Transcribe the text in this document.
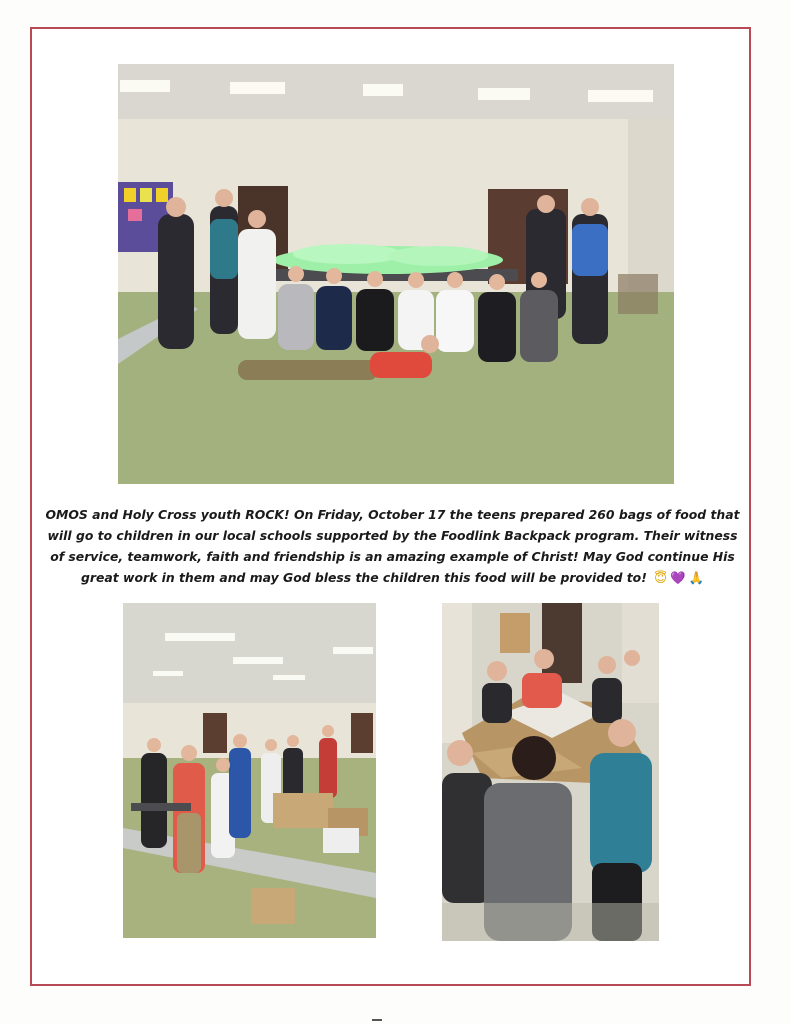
OMOS and Holy Cross youth ROCK! On Friday, October 17 the teens prepared 260 bags of food that will go to children in our local schools supported by the Foodlink Backpack program. Their witness of service, teamwork, faith and friendship is an amazing example of Christ! May God continue His great work in them and may God bless the children this food will be provided to! 😇 💜 🙏
